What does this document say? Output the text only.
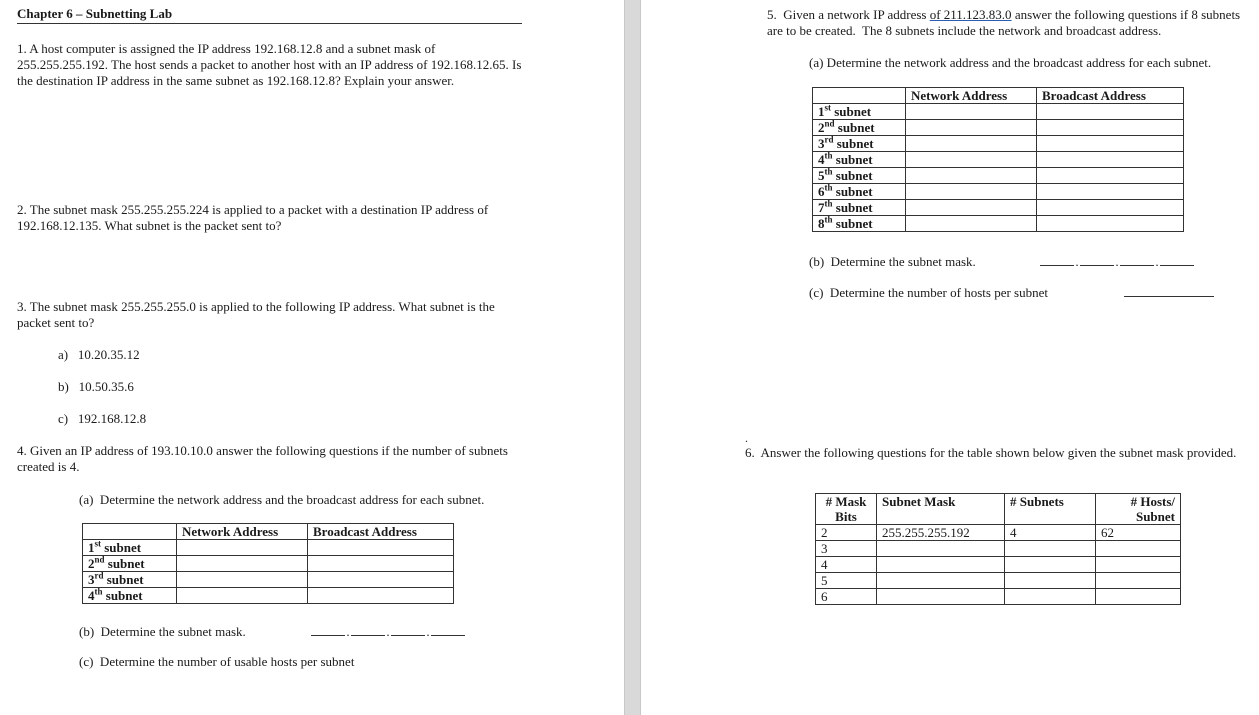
Chapter 6 – Subnetting Lab

1. A host computer is assigned the IP address 192.168.12.8 and a subnet mask of 255.255.255.192. The host sends a packet to another host with an IP address of 192.168.12.65. Is the destination IP address in the same subnet as 192.168.12.8? Explain your answer.

2. The subnet mask 255.255.255.224 is applied to a packet with a destination IP address of 192.168.12.135. What subnet is the packet sent to?

3. The subnet mask 255.255.255.0 is applied to the following IP address. What subnet is the packet sent to?

a)   10.20.35.12

b)   10.50.35.6

c)   192.168.12.8

4. Given an IP address of 193.10.10.0 answer the following questions if the number of subnets created is 4.

(a)  Determine the network address and the broadcast address for each subnet.

	Network Address	Broadcast Address
1st subnet		
2nd subnet		
3rd subnet		
4th subnet		

(b)  Determine the subnet mask.	.	.	.

(c)  Determine the number of usable hosts per subnet

5.  Given a network IP address of 211.123.83.0 answer the following questions if 8 subnets are to be created.  The 8 subnets include the network and broadcast address.

(a) Determine the network address and the broadcast address for each subnet.

	Network Address	Broadcast Address
1st subnet		
2nd subnet		
3rd subnet		
4th subnet		
5th subnet		
6th subnet		
7th subnet		
8th subnet		

(b)  Determine the subnet mask.	.	.	.

(c)  Determine the number of hosts per subnet

.

6.  Answer the following questions for the table shown below given the subnet mask provided.

# Mask
Bits	Subnet Mask	# Subnets	# Hosts/
Subnet
2	255.255.255.192	4	62
3			
4			
5			
6			
